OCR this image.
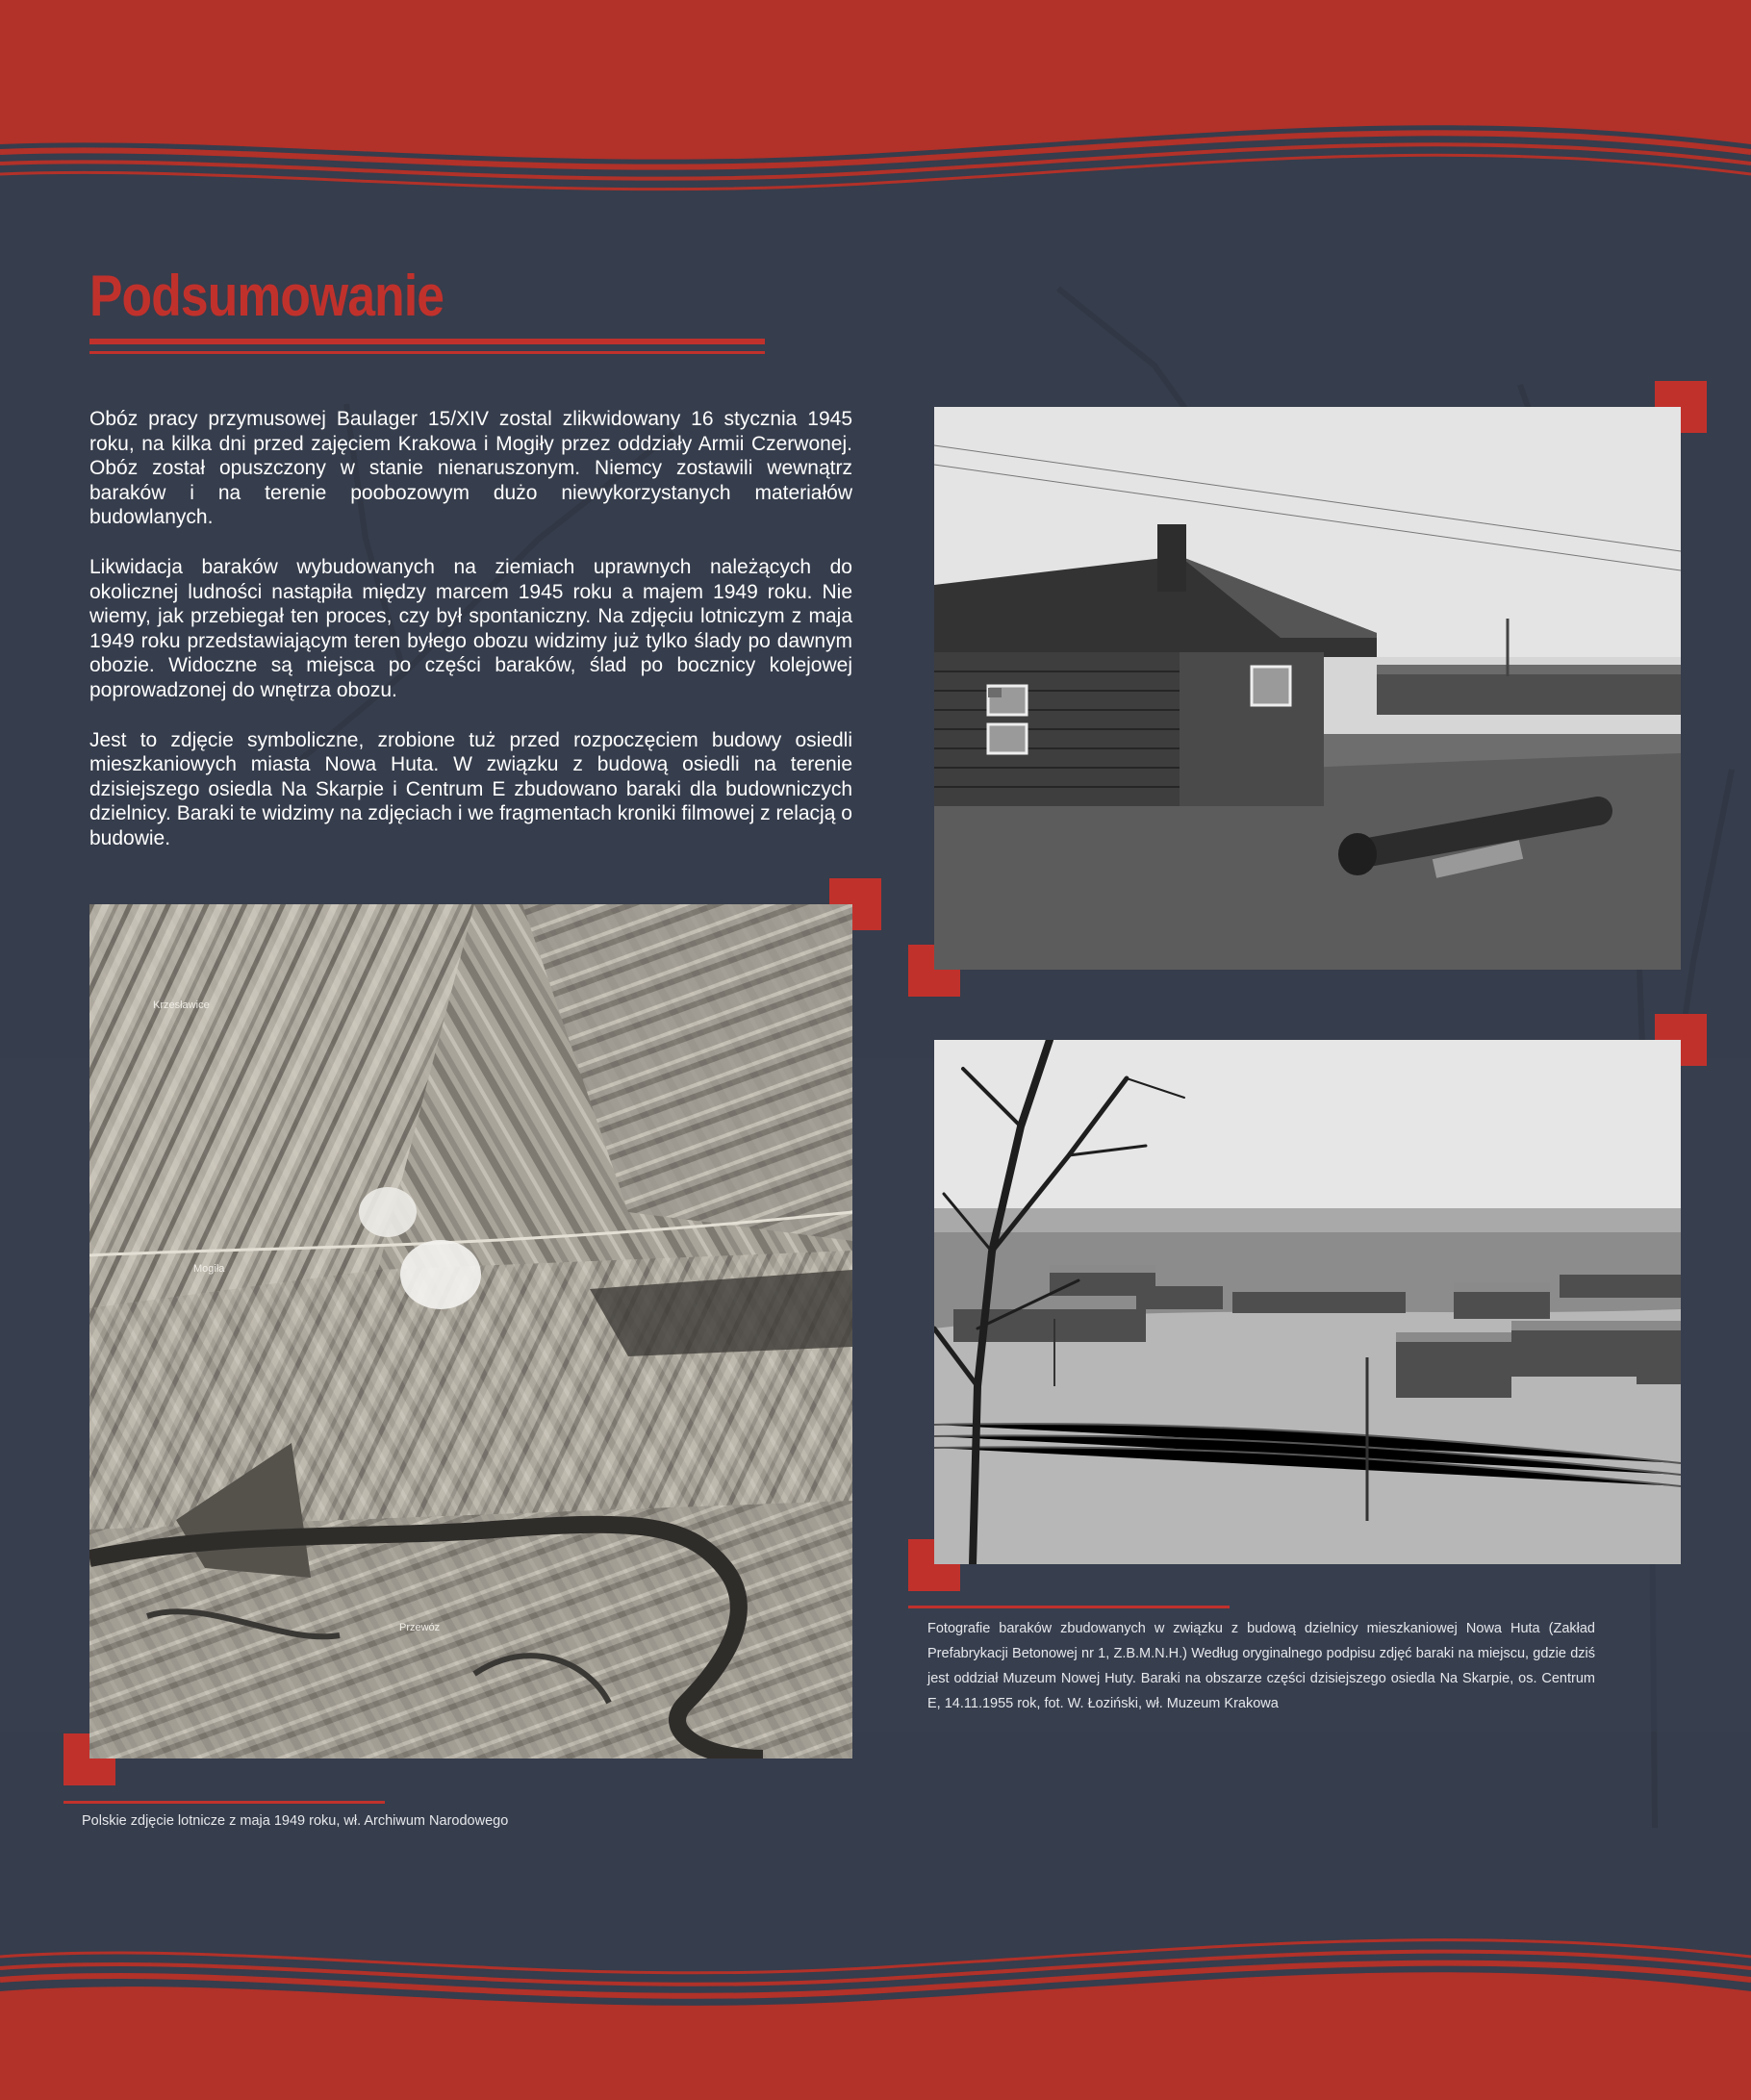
Podsumowanie

Obóz pracy przymusowej Baulager 15/XIV zostal zlikwidowany 16 stycznia 1945 roku, na kilka dni przed zajęciem Krakowa i Mogiły przez oddziały Armii Czerwonej. Obóz został opuszczony w stanie nienaruszonym. Niemcy zostawili wewnątrz baraków i na terenie poobozowym dużo niewykorzystanych materiałów budowlanych.

Likwidacja baraków wybudowanych na ziemiach uprawnych należących do okolicznej ludności nastąpiła między marcem 1945 roku a majem 1949 roku. Nie wiemy, jak przebiegał ten proces, czy był spontaniczny. Na zdjęciu lotniczym z maja 1949 roku przedstawiającym teren byłego obozu widzimy już tylko ślady po dawnym obozie. Widoczne są miejsca po części baraków, ślad po bocznicy kolejowej poprowadzonej do wnętrza obozu.

Jest to zdjęcie symboliczne, zrobione tuż przed rozpoczęciem budowy osiedli mieszkaniowych miasta Nowa Huta. W związku z budową osiedli na terenie dzisiejszego osiedla Na Skarpie i Centrum E zbudowano baraki dla budowniczych dzielnicy. Baraki te widzimy na zdjęciach i we fragmentach kroniki filmowej z relacją o budowie.

Krzesławice
Mogiła
Przewóz
Polskie zdjęcie lotnicze z maja 1949 roku, wł. Archiwum Narodowego
Fotografie baraków zbudowanych w związku z budową dzielnicy mieszkaniowej Nowa Huta (Zakład Prefabrykacji Betonowej nr 1, Z.B.M.N.H.) Według oryginalnego podpisu zdjęć baraki na miejscu, gdzie dziś jest oddział Muzeum Nowej Huty. Baraki na obszarze części dzisiejszego osiedla Na Skarpie, os. Centrum E, 14.11.1955 rok, fot. W. Łoziński, wł. Muzeum Krakowa
